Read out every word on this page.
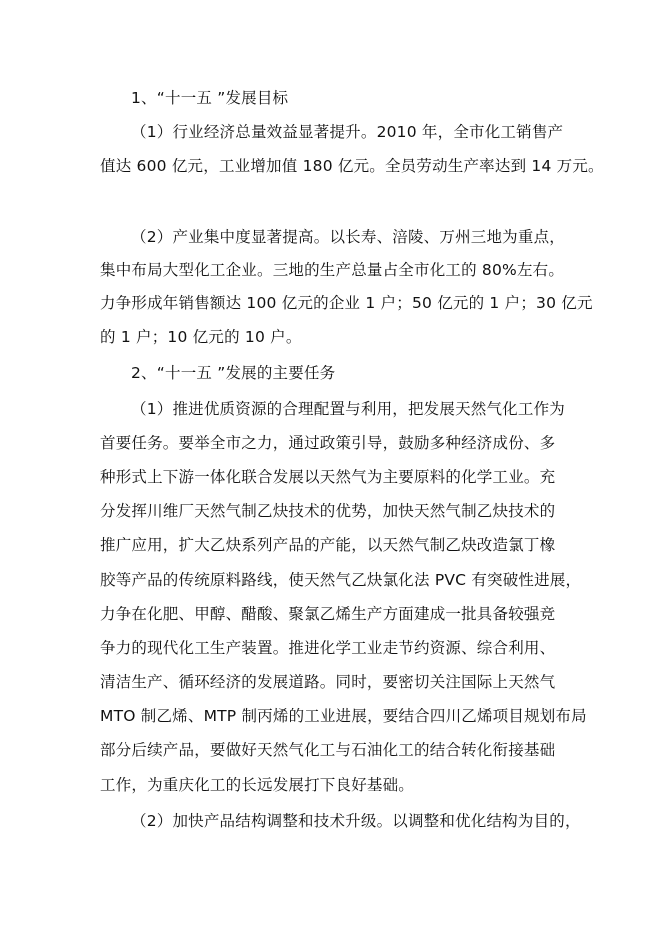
1、“十一五 ”发展目标
（1）行业经济总量效益显著提升。2010 年，全市化工销售产
值达 600 亿元，工业增加值 180 亿元。全员劳动生产率达到 14 万元。
（2）产业集中度显著提高。以长寿、涪陵、万州三地为重点，
集中布局大型化工企业。三地的生产总量占全市化工的 80%左右。
力争形成年销售额达 100 亿元的企业 1 户；50 亿元的 1 户；30 亿元
的 1 户；10 亿元的 10 户。
2、“十一五 ”发展的主要任务
（1）推进优质资源的合理配置与利用，把发展天然气化工作为
首要任务。要举全市之力，通过政策引导，鼓励多种经济成份、多
种形式上下游一体化联合发展以天然气为主要原料的化学工业。充
分发挥川维厂天然气制乙炔技术的优势，加快天然气制乙炔技术的
推广应用，扩大乙炔系列产品的产能，以天然气制乙炔改造氯丁橡
胶等产品的传统原料路线，使天然气乙炔氯化法 PVC 有突破性进展，
力争在化肥、甲醇、醋酸、聚氯乙烯生产方面建成一批具备较强竞
争力的现代化工生产装置。推进化学工业走节约资源、综合利用、
清洁生产、循环经济的发展道路。同时，要密切关注国际上天然气
MTO 制乙烯、MTP 制丙烯的工业进展，要结合四川乙烯项目规划布局
部分后续产品，要做好天然气化工与石油化工的结合转化衔接基础
工作，为重庆化工的长远发展打下良好基础。
（2）加快产品结构调整和技术升级。以调整和优化结构为目的，
